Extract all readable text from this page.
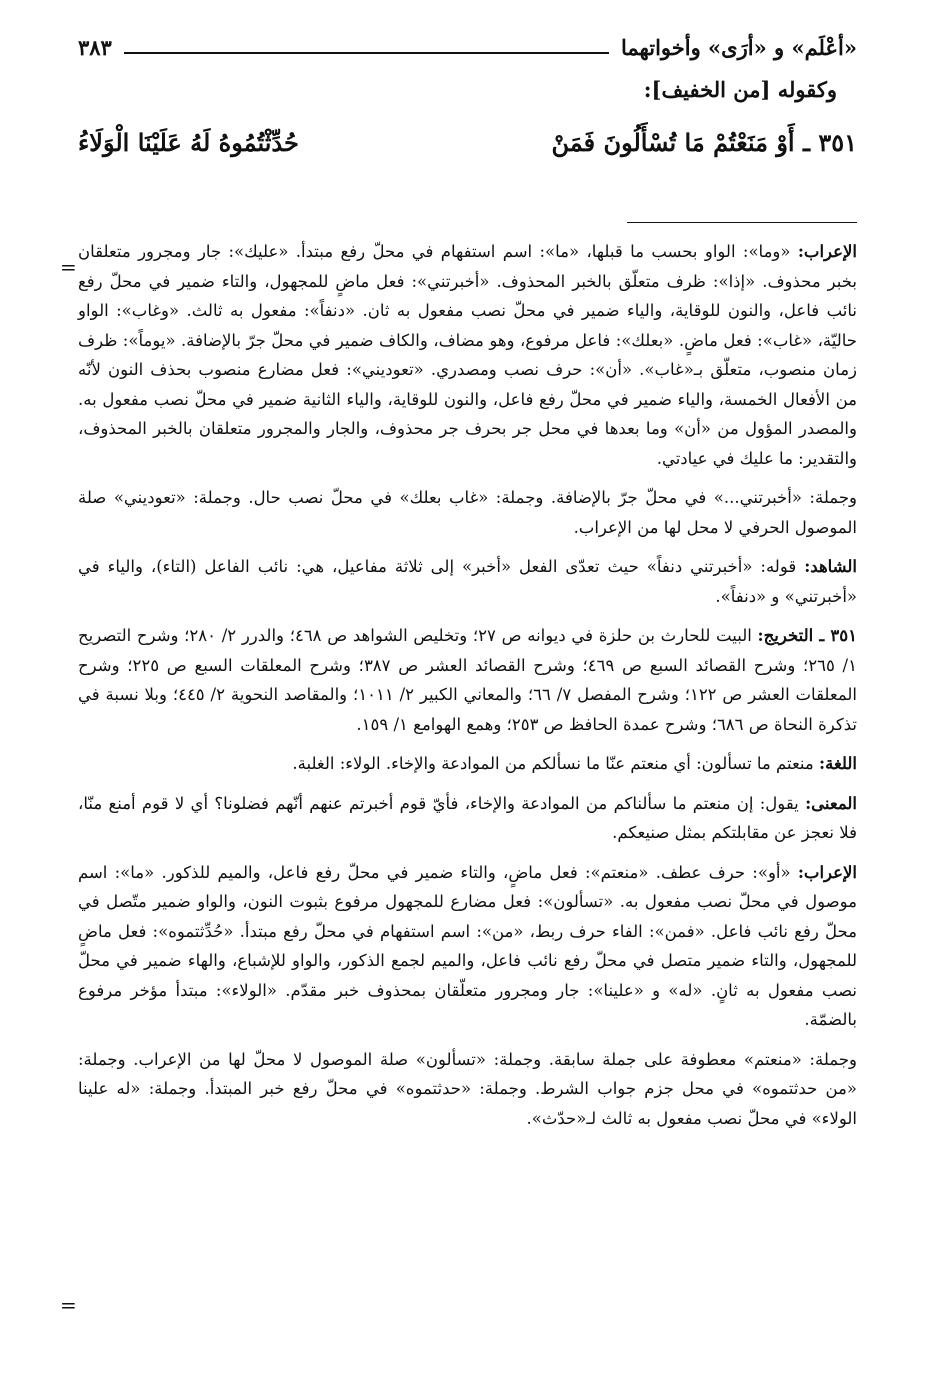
«أعْلَم» و «أرَى» وأخواتهما
٣٨٣
وكقوله [من الخفيف]:
٣٥١ ـ أَوْ مَنَعْتُمْ مَا تُسْأَلُونَ فَمَنْ
حُدِّثْتُمُوهُ لَهُ عَلَيْنَا الْوَلَاءُ
=
=

الإعراب: «وما»: الواو بحسب ما قبلها، «ما»: اسم استفهام في محلّ رفع مبتدأ. «عليك»: جار ومجرور متعلقان بخبر محذوف. «إذا»: ظرف متعلّق بالخبر المحذوف. «أخبرتني»: فعل ماضٍ للمجهول، والتاء ضمير في محلّ رفع نائب فاعل، والنون للوقاية، والياء ضمير في محلّ نصب مفعول به ثان. «دنفاً»: مفعول به ثالث. «وغاب»: الواو حاليّة، «غاب»: فعل ماضٍ. «بعلك»: فاعل مرفوع، وهو مضاف، والكاف ضمير في محلّ جرّ بالإضافة. «يوماً»: ظرف زمان منصوب، متعلّق بـ«غاب». «أن»: حرف نصب ومصدري. «تعوديني»: فعل مضارع منصوب بحذف النون لأنّه من الأفعال الخمسة، والياء ضمير في محلّ رفع فاعل، والنون للوقاية، والياء الثانية ضمير في محلّ نصب مفعول به. والمصدر المؤول من «أن» وما بعدها في محل جر بحرف جر محذوف، والجار والمجرور متعلقان بالخبر المحذوف، والتقدير: ما عليك في عيادتي.

وجملة: «أخبرتني...» في محلّ جرّ بالإضافة. وجملة: «غاب بعلك» في محلّ نصب حال. وجملة: «تعوديني» صلة الموصول الحرفي لا محل لها من الإعراب.

الشاهد: قوله: «أخبرتني دنفاً» حيث تعدّى الفعل «أخبر» إلى ثلاثة مفاعيل، هي: نائب الفاعل (التاء)، والياء في «أخبرتني» و «دنفاً».

٣٥١ ـ التخريج: البيت للحارث بن حلزة في ديوانه ص ٢٧؛ وتخليص الشواهد ص ٤٦٨؛ والدرر ٢/ ٢٨٠؛ وشرح التصريح ١/ ٢٦٥؛ وشرح القصائد السبع ص ٤٦٩؛ وشرح القصائد العشر ص ٣٨٧؛ وشرح المعلقات السبع ص ٢٢٥؛ وشرح المعلقات العشر ص ١٢٢؛ وشرح المفصل ٧/ ٦٦؛ والمعاني الكبير ٢/ ١٠١١؛ والمقاصد النحوية ٢/ ٤٤٥؛ وبلا نسبة في تذكرة النحاة ص ٦٨٦؛ وشرح عمدة الحافظ ص ٢٥٣؛ وهمع الهوامع ١/ ١٥٩.

اللغة: منعتم ما تسألون: أي منعتم عنّا ما نسألكم من الموادعة والإخاء. الولاء: الغلبة.

المعنى: يقول: إن منعتم ما سألناكم من الموادعة والإخاء، فأيّ قوم أخبرتم عنهم أنّهم فضلونا؟ أي لا قوم أمنع منّا، فلا نعجز عن مقابلتكم بمثل صنيعكم.

الإعراب: «أو»: حرف عطف. «منعتم»: فعل ماضٍ، والتاء ضمير في محلّ رفع فاعل، والميم للذكور. «ما»: اسم موصول في محلّ نصب مفعول به. «تسألون»: فعل مضارع للمجهول مرفوع بثبوت النون، والواو ضمير متّصل في محلّ رفع نائب فاعل. «فمن»: الفاء حرف ربط، «من»: اسم استفهام في محلّ رفع مبتدأ. «حُدِّثتموه»: فعل ماضٍ للمجهول، والتاء ضمير متصل في محلّ رفع نائب فاعل، والميم لجمع الذكور، والواو للإشباع، والهاء ضمير في محلّ نصب مفعول به ثانٍ. «له» و «علينا»: جار ومجرور متعلّقان بمحذوف خبر مقدّم. «الولاء»: مبتدأ مؤخر مرفوع بالضمّة.

وجملة: «منعتم» معطوفة على جملة سابقة. وجملة: «تسألون» صلة الموصول لا محلّ لها من الإعراب. وجملة: «من حدثتموه» في محل جزم جواب الشرط. وجملة: «حدثتموه» في محلّ رفع خبر المبتدأ. وجملة: «له علينا الولاء» في محلّ نصب مفعول به ثالث لـ«حدّث».
